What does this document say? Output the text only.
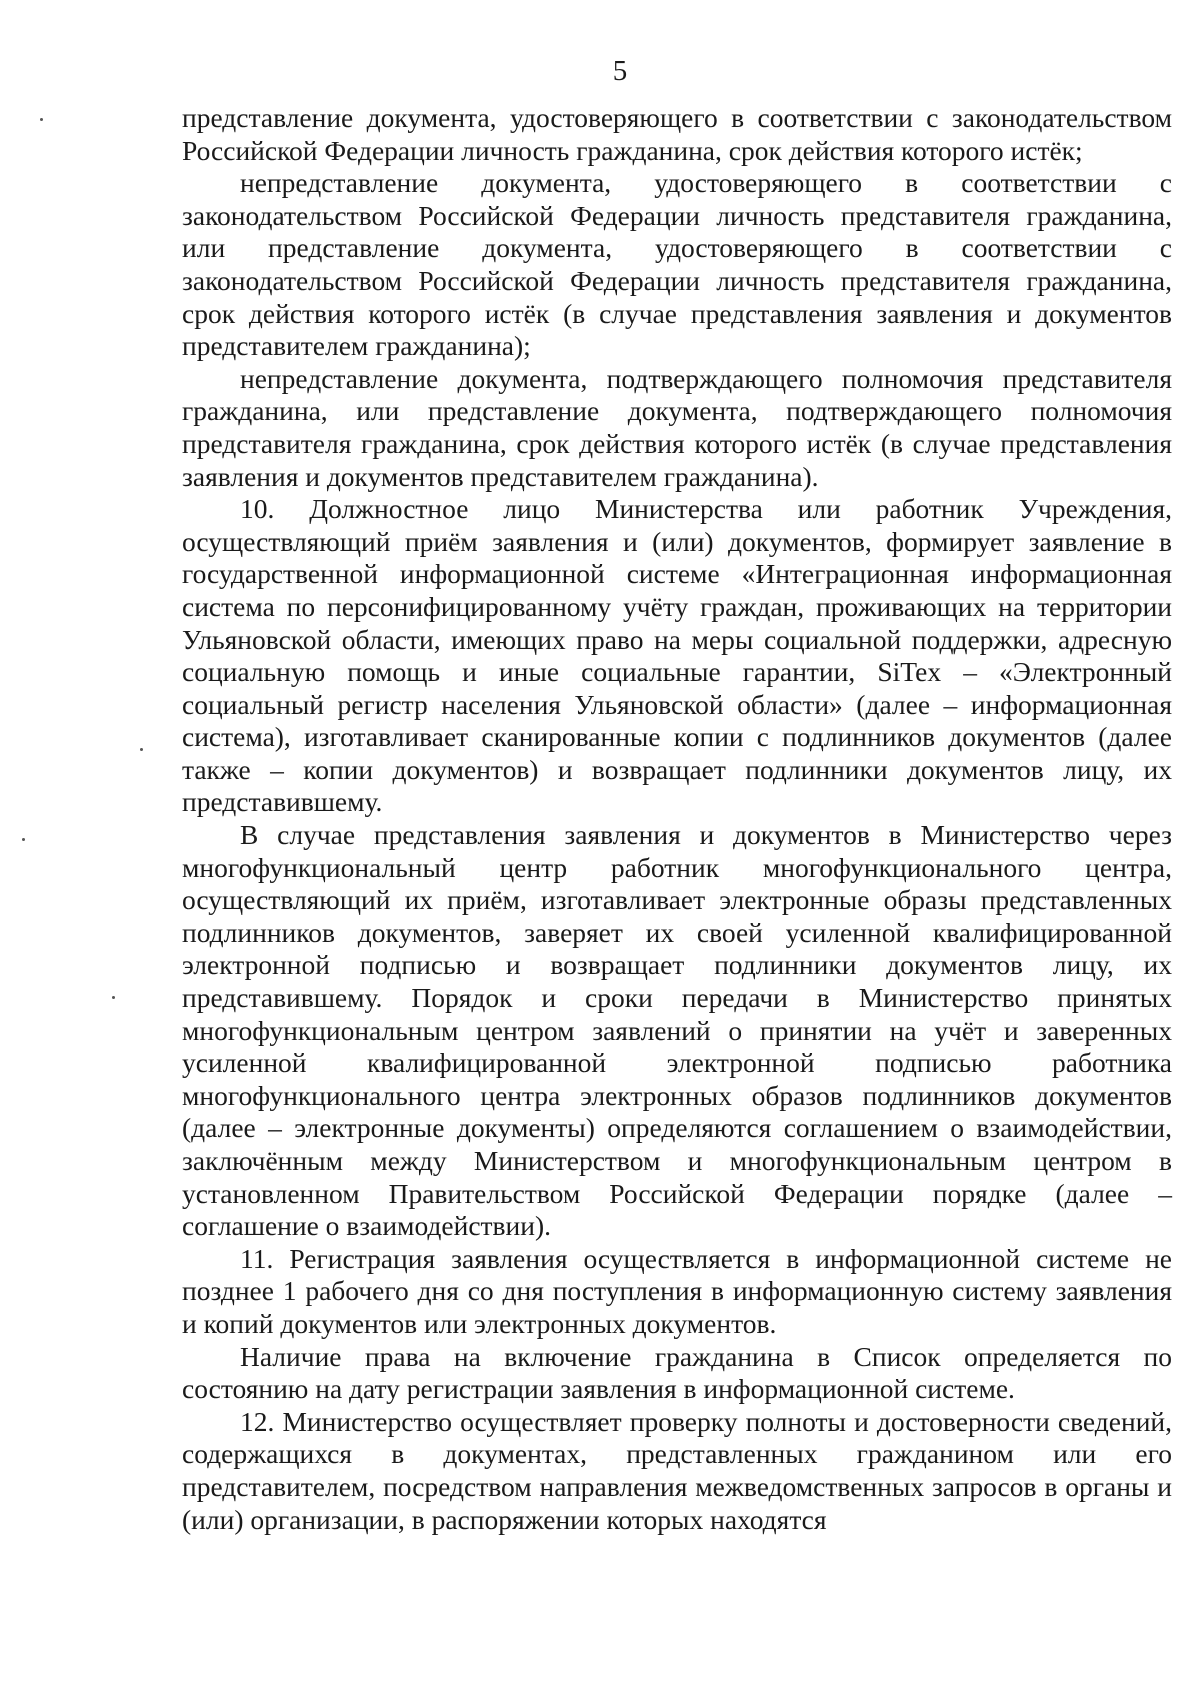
5

представление документа, удостоверяющего в соответствии с законодательством Российской Федерации личность гражданина, срок действия которого истёк;

непредставление документа, удостоверяющего в соответствии с законодательством Российской Федерации личность представителя гражданина, или представление документа, удостоверяющего в соответствии с законодательством Российской Федерации личность представителя гражданина, срок действия которого истёк (в случае представления заявления и документов представителем гражданина);

непредставление документа, подтверждающего полномочия представителя гражданина, или представление документа, подтверждающего полномочия представителя гражданина, срок действия которого истёк (в случае представления заявления и документов представителем гражданина).

10. Должностное лицо Министерства или работник Учреждения, осуществляющий приём заявления и (или) документов, формирует заявление в государственной информационной системе «Интеграционная информационная система по персонифицированному учёту граждан, проживающих на территории Ульяновской области, имеющих право на меры социальной поддержки, адресную социальную помощь и иные социальные гарантии, SiTex – «Электронный социальный регистр населения Ульяновской области» (далее – информационная система), изготавливает сканированные копии с подлинников документов (далее также – копии документов) и возвращает подлинники документов лицу, их представившему.

В случае представления заявления и документов в Министерство через многофункциональный центр работник многофункционального центра, осуществляющий их приём, изготавливает электронные образы представленных подлинников документов, заверяет их своей усиленной квалифицированной электронной подписью и возвращает подлинники документов лицу, их представившему. Порядок и сроки передачи в Министерство принятых многофункциональным центром заявлений о принятии на учёт и заверенных усиленной квалифицированной электронной подписью работника многофункционального центра электронных образов подлинников документов (далее – электронные документы) определяются соглашением о взаимодействии, заключённым между Министерством и многофункциональным центром в установленном Правительством Российской Федерации порядке (далее – соглашение о взаимодействии).

11. Регистрация заявления осуществляется в информационной системе не позднее 1 рабочего дня со дня поступления в информационную систему заявления и копий документов или электронных документов.

Наличие права на включение гражданина в Список определяется по состоянию на дату регистрации заявления в информационной системе.

12. Министерство осуществляет проверку полноты и достоверности сведений, содержащихся в документах, представленных гражданином или его представителем, посредством направления межведомственных запросов в органы и (или) организации, в распоряжении которых находятся
